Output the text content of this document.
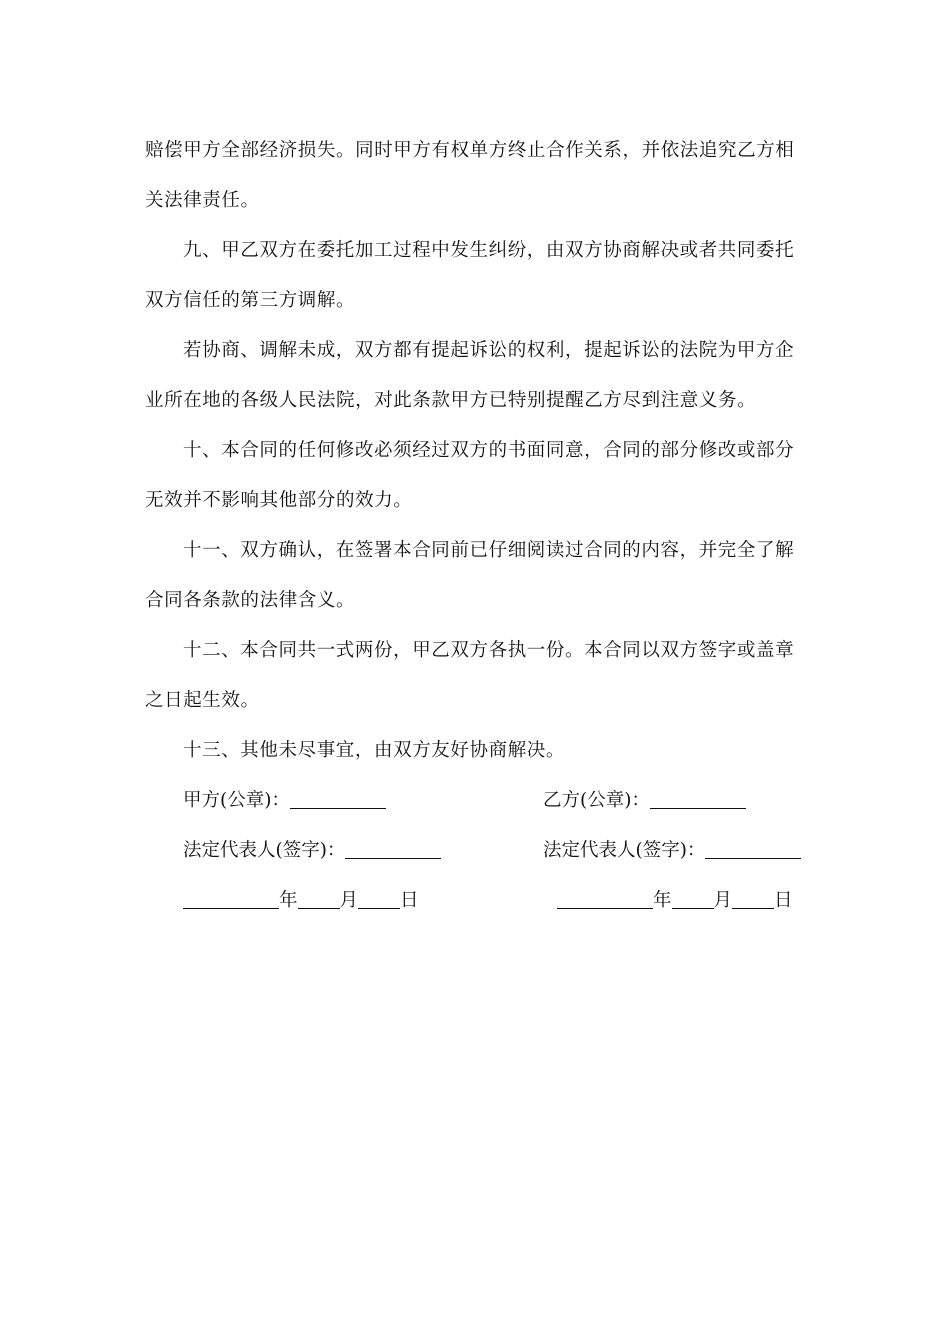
赔偿甲方全部经济损失。同时甲方有权单方终止合作关系，并依法追究乙方相
关法律责任。
九、甲乙双方在委托加工过程中发生纠纷，由双方协商解决或者共同委托
双方信任的第三方调解。
若协商、调解未成，双方都有提起诉讼的权利，提起诉讼的法院为甲方企
业所在地的各级人民法院，对此条款甲方已特别提醒乙方尽到注意义务。
十、本合同的任何修改必须经过双方的书面同意，合同的部分修改或部分
无效并不影响其他部分的效力。
十一、双方确认，在签署本合同前已仔细阅读过合同的内容，并完全了解
合同各条款的法律含义。
十二、本合同共一式两份，甲乙双方各执一份。本合同以双方签字或盖章
之日起生效。
十三、其他未尽事宜，由双方友好协商解决。
甲方(公章)：	乙方(公章)：
法定代表人(签字)：	法定代表人(签字)：
年 月 日	年 月 日
